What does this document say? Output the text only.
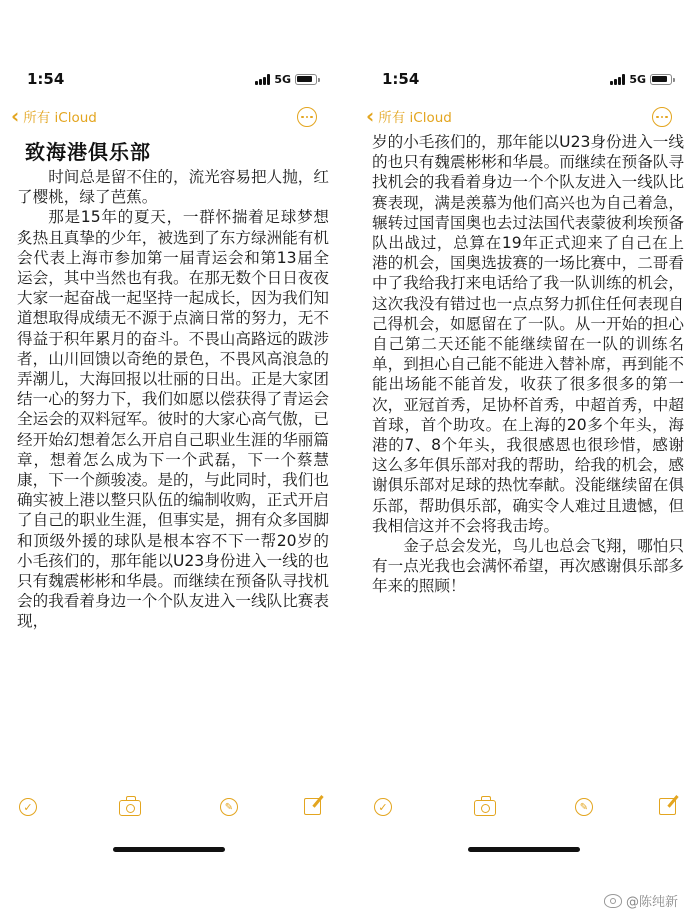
1:54	5G
‹ 所有 iCloud
致海港俱乐部

时间总是留不住的，流光容易把人抛，红了樱桃，绿了芭蕉。

那是15年的夏天，一群怀揣着足球梦想炙热且真挚的少年，被选到了东方绿洲能有机会代表上海市参加第一届青运会和第13届全运会，其中当然也有我。在那无数个日日夜夜大家一起奋战一起坚持一起成长，因为我们知道想取得成绩无不源于点滴日常的努力，无不得益于积年累月的奋斗。不畏山高路远的跋涉者，山川回馈以奇绝的景色，不畏风高浪急的弄潮儿，大海回报以壮丽的日出。正是大家团结一心的努力下，我们如愿以偿获得了青运会全运会的双料冠军。彼时的大家心高气傲，已经开始幻想着怎么开启自己职业生涯的华丽篇章，想着怎么成为下一个武磊，下一个蔡慧康，下一个颜骏凌。是的，与此同时，我们也确实被上港以整只队伍的编制收购，正式开启了自己的职业生涯，但事实是，拥有众多国脚和顶级外援的球队是根本容不下一帮20岁的小毛孩们的，那年能以U23身份进入一线的也只有魏震彬彬和华晨。而继续在预备队寻找机会的我看着身边一个个队友进入一线队比赛表现，

✓	✎
1:54	5G
‹ 所有 iCloud

岁的小毛孩们的，那年能以U23身份进入一线的也只有魏震彬彬和华晨。而继续在预备队寻找机会的我看着身边一个个队友进入一线队比赛表现，满是羡慕为他们高兴也为自己着急，辗转过国青国奥也去过法国代表蒙彼利埃预备队出战过，总算在19年正式迎来了自己在上港的机会，国奥选拔赛的一场比赛中，二哥看中了我给我打来电话给了我一队训练的机会，这次我没有错过也一点点努力抓住任何表现自己得机会，如愿留在了一队。从一开始的担心自己第二天还能不能继续留在一队的训练名单，到担心自己能不能进入替补席，再到能不能出场能不能首发，收获了很多很多的第一次，亚冠首秀，足协杯首秀，中超首秀，中超首球，首个助攻。在上海的20多个年头，海港的7、8个年头，我很感恩也很珍惜，感谢这么多年俱乐部对我的帮助，给我的机会，感谢俱乐部对足球的热忱奉献。没能继续留在俱乐部，帮助俱乐部，确实令人难过且遗憾，但我相信这并不会将我击垮。

金子总会发光，鸟儿也总会飞翔，哪怕只有一点光我也会满怀希望，再次感谢俱乐部多年来的照顾！

✓	✎
@陈纯新
